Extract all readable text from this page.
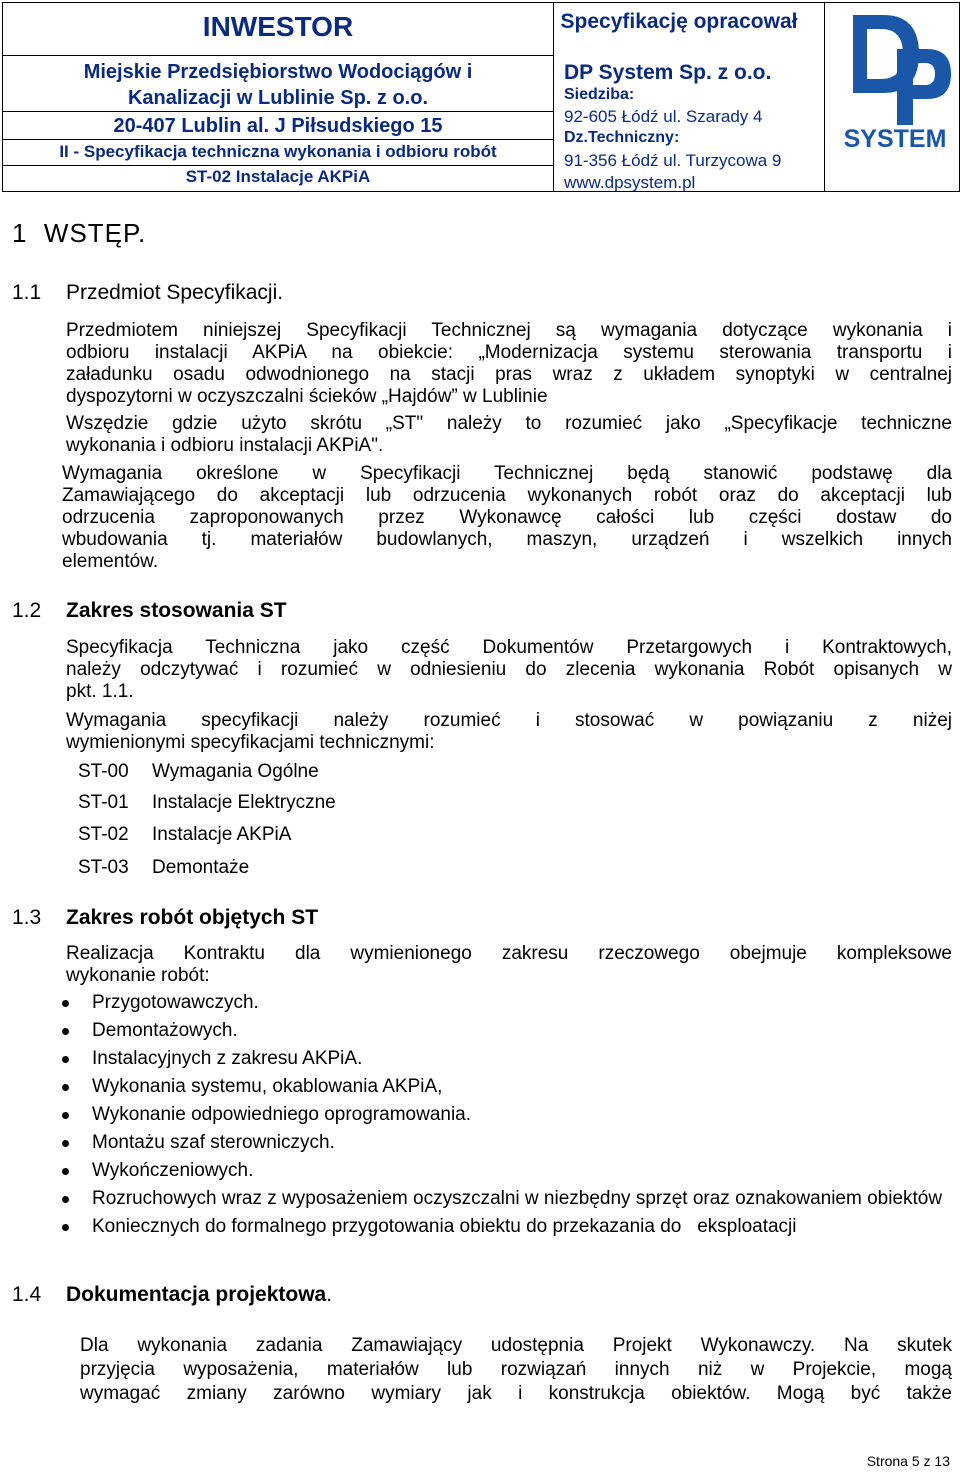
INWESTOR
Miejskie Przedsiębiorstwo Wodociągów i
Kanalizacji w Lublinie Sp. z o.o.
20-407 Lublin al. J Piłsudskiego 15
II - Specyfikacja techniczna wykonania i odbioru robót
ST-02 Instalacje AKPiA
Specyfikację opracował
DP System Sp. z o.o.
Siedziba:
92-605 Łódź ul. Szarady 4
Dz.Techniczny:
91-356 Łódź ul. Turzycowa 9
www.dpsystem.pl
SYSTEM
1 WSTĘP.
1.1 Przedmiot Specyfikacji.
Przedmiotem niniejszej Specyfikacji Technicznej są wymagania dotyczące wykonania i
odbioru instalacji AKPiA na obiekcie: „Modernizacja systemu sterowania transportu i
załadunku osadu odwodnionego na stacji pras wraz z układem synoptyki w centralnej
dyspozytorni w oczyszczalni ścieków „Hajdów” w Lublinie
Wszędzie gdzie użyto skrótu „ST" należy to rozumieć jako „Specyfikacje techniczne
wykonania i odbioru instalacji AKPiA".
Wymagania określone w Specyfikacji Technicznej będą stanowić podstawę dla
Zamawiającego do akceptacji lub odrzucenia wykonanych robót oraz do akceptacji lub
odrzucenia zaproponowanych przez Wykonawcę całości lub części dostaw do
wbudowania tj. materiałów budowlanych, maszyn, urządzeń i wszelkich innych
elementów.
1.2 Zakres stosowania ST
Specyfikacja Techniczna jako część Dokumentów Przetargowych i Kontraktowych,
należy odczytywać i rozumieć w odniesieniu do zlecenia wykonania Robót opisanych w
pkt. 1.1.
Wymagania specyfikacji należy rozumieć i stosować w powiązaniu z niżej
wymienionymi specyfikacjami technicznymi:
ST-00 Wymagania Ogólne
ST-01 Instalacje Elektryczne
ST-02 Instalacje AKPiA
ST-03 Demontaże
1.3 Zakres robót objętych ST
Realizacja Kontraktu dla wymienionego zakresu rzeczowego obejmuje kompleksowe
wykonanie robót:
Przygotowawczych.
Demontażowych.
Instalacyjnych z zakresu AKPiA.
Wykonania systemu, okablowania AKPiA,
Wykonanie odpowiedniego oprogramowania.
Montażu szaf sterowniczych.
Wykończeniowych.
Rozruchowych wraz z wyposażeniem oczyszczalni w niezbędny sprzęt oraz oznakowaniem obiektów
Koniecznych do formalnego przygotowania obiektu do przekazania do   eksploatacji
1.4 Dokumentacja projektowa.
Dla wykonania zadania Zamawiający udostępnia Projekt Wykonawczy. Na skutek
przyjęcia wyposażenia, materiałów lub rozwiązań innych niż w Projekcie, mogą
wymagać zmiany zarówno wymiary jak i konstrukcja obiektów. Mogą być także
Strona 5 z 13
